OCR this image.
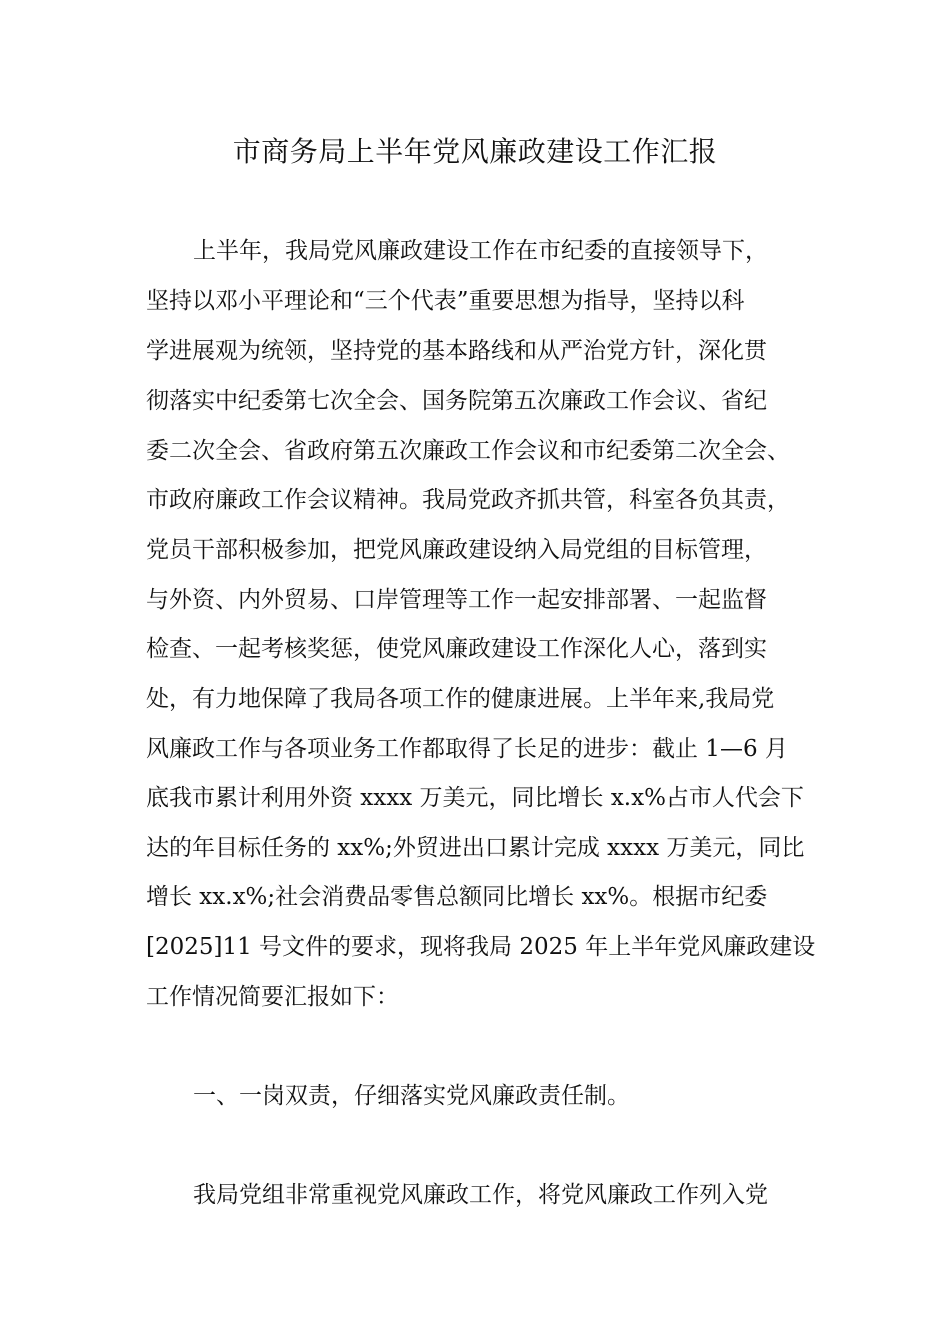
市商务局上半年党风廉政建设工作汇报
上半年，我局党风廉政建设工作在市纪委的直接领导下，
坚持以邓小平理论和“三个代表”重要思想为指导，坚持以科
学进展观为统领，坚持党的基本路线和从严治党方针，深化贯
彻落实中纪委第七次全会、国务院第五次廉政工作会议、省纪
委二次全会、省政府第五次廉政工作会议和市纪委第二次全会、
市政府廉政工作会议精神。我局党政齐抓共管，科室各负其责，
党员干部积极参加，把党风廉政建设纳入局党组的目标管理，
与外资、内外贸易、口岸管理等工作一起安排部署、一起监督
检查、一起考核奖惩，使党风廉政建设工作深化人心，落到实
处，有力地保障了我局各项工作的健康进展。上半年来,我局党
风廉政工作与各项业务工作都取得了长足的进步：截止 1—6 月
底我市累计利用外资 xxxx 万美元，同比增长 x.x%占市人代会下
达的年目标任务的 xx%;外贸进出口累计完成 xxxx 万美元，同比
增长 xx.x%;社会消费品零售总额同比增长 xx%。根据市纪委
[2025]11 号文件的要求，现将我局 2025 年上半年党风廉政建设
工作情况简要汇报如下：
一、一岗双责，仔细落实党风廉政责任制。
我局党组非常重视党风廉政工作，将党风廉政工作列入党
